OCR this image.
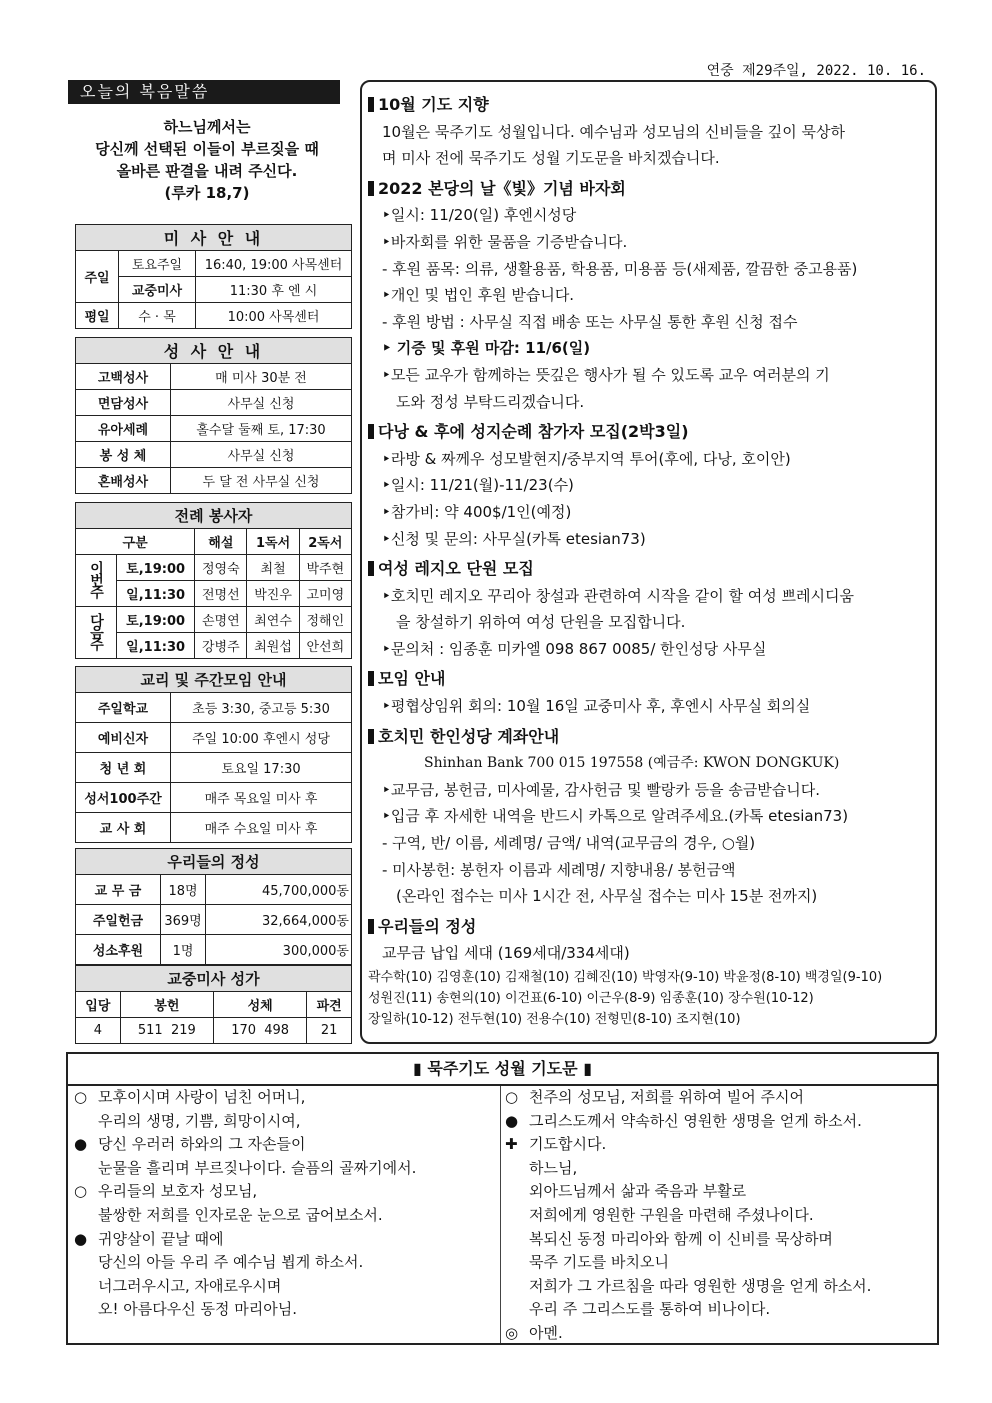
연중 제29주일, 2022. 10. 16.
오늘의 복음말씀
하느님께서는
당신께 선택된 이들이 부르짖을 때
올바른 판결을 내려 주신다.
(루카 18,7)
미 사 안 내		
주일	토요주일	16:40, 19:00 사목센터
	교중미사	11:30 후 엔 시
평일	수 · 목	10:00 사목센터
성 사 안 내	
고백성사	매 미사 30분 전
면담성사	사무실 신청
유아세례	홀수달 둘째 토, 17:30
봉 성 체	사무실 신청
혼배성사	두 달 전 사무실 신청
전례 봉사자				
구분		해설	1독서	2독서
이번주	토,19:00	정영숙	최철	박주현
	일,11:30	전명선	박진우	고미영
다음주	토,19:00	손명연	최연수	정해인
	일,11:30	강병주	최원섭	안선희
교리 및 주간모임 안내	
주일학교	초등 3:30, 중고등 5:30
예비신자	주일 10:00 후엔시 성당
청 년 회	토요일 17:30
성서100주간	매주 목요일 미사 후
교 사 회	매주 수요일 미사 후
우리들의 정성		
교 무 금	18명	45,700,000동
주일헌금	369명	32,664,000동
성소후원	1명	300,000동
교중미사 성가			
입당	봉헌	성체	파견
4	511  219	170  498	21
10월 기도 지향
10월은 묵주기도 성월입니다. 예수님과 성모님의 신비들을 깊이 묵상하
며 미사 전에 묵주기도 성월 기도문을 바치겠습니다.
2022 본당의 날《빛》기념 바자회
‣일시: 11/20(일) 후엔시성당
‣바자회를 위한 물품을 기증받습니다.
- 후원 품목: 의류, 생활용품, 학용품, 미용품 등(새제품, 깔끔한 중고용품)
‣개인 및 법인 후원 받습니다.
- 후원 방법 : 사무실 직접 배송 또는 사무실 통한 후원 신청 접수
‣ 기증 및 후원 마감: 11/6(일)
‣모든 교우가 함께하는 뜻깊은 행사가 될 수 있도록 교우 여러분의 기
도와 정성 부탁드리겠습니다.
다낭 & 후에 성지순례 참가자 모집(2박3일)
‣라방 & 짜께우 성모발현지/중부지역 투어(후에, 다낭, 호이안)
‣일시: 11/21(월)-11/23(수)
‣참가비: 약 400$/1인(예정)
‣신청 및 문의: 사무실(카톡 etesian73)
여성 레지오 단원 모집
‣호치민 레지오 꾸리아 창설과 관련하여 시작을 같이 할 여성 쁘레시디움
을 창설하기 위하여 여성 단원을 모집합니다.
‣문의처 : 임종훈 미카엘 098 867 0085/ 한인성당 사무실
모임 안내
‣평협상임위 회의: 10월 16일 교중미사 후, 후엔시 사무실 회의실
호치민 한인성당 계좌안내
Shinhan Bank 700 015 197558 (예금주: KWON DONGKUK)
‣교무금, 봉헌금, 미사예물, 감사헌금 및 빨랑카 등을 송금받습니다.
‣입금 후 자세한 내역을 반드시 카톡으로 알려주세요.(카톡 etesian73)
- 구역, 반/ 이름, 세례명/ 금액/ 내역(교무금의 경우, ○월)
- 미사봉헌: 봉헌자 이름과 세례명/ 지향내용/ 봉헌금액
(온라인 접수는 미사 1시간 전, 사무실 접수는 미사 15분 전까지)
우리들의 정성
교무금 납입 세대 (169세대/334세대)
곽수학(10) 김영훈(10) 김재철(10) 김혜진(10) 박영자(9-10) 박윤정(8-10) 백경일(9-10)
성원진(11) 송현의(10) 이건표(6-10) 이근우(8-9) 임종훈(10) 장수원(10-12)
장일하(10-12) 전두현(10) 전용수(10) 전형민(8-10) 조지현(10)
▮ 묵주기도 성월 기도문 ▮
○ 모후이시며 사랑이 넘친 어머니,
우리의 생명, 기쁨, 희망이시여,
● 당신 우러러 하와의 그 자손들이
눈물을 흘리며 부르짖나이다. 슬픔의 골짜기에서.
○ 우리들의 보호자 성모님,
불쌍한 저희를 인자로운 눈으로 굽어보소서.
● 귀양살이 끝날 때에
당신의 아들 우리 주 예수님 뵙게 하소서.
너그러우시고, 자애로우시며
오! 아름다우신 동정 마리아님.
○ 천주의 성모님, 저희를 위하여 빌어 주시어
● 그리스도께서 약속하신 영원한 생명을 얻게 하소서.
✚ 기도합시다.
하느님,
외아드님께서 삶과 죽음과 부활로
저희에게 영원한 구원을 마련해 주셨나이다.
복되신 동정 마리아와 함께 이 신비를 묵상하며
묵주 기도를 바치오니
저희가 그 가르침을 따라 영원한 생명을 얻게 하소서.
우리 주 그리스도를 통하여 비나이다.
◎ 아멘.
